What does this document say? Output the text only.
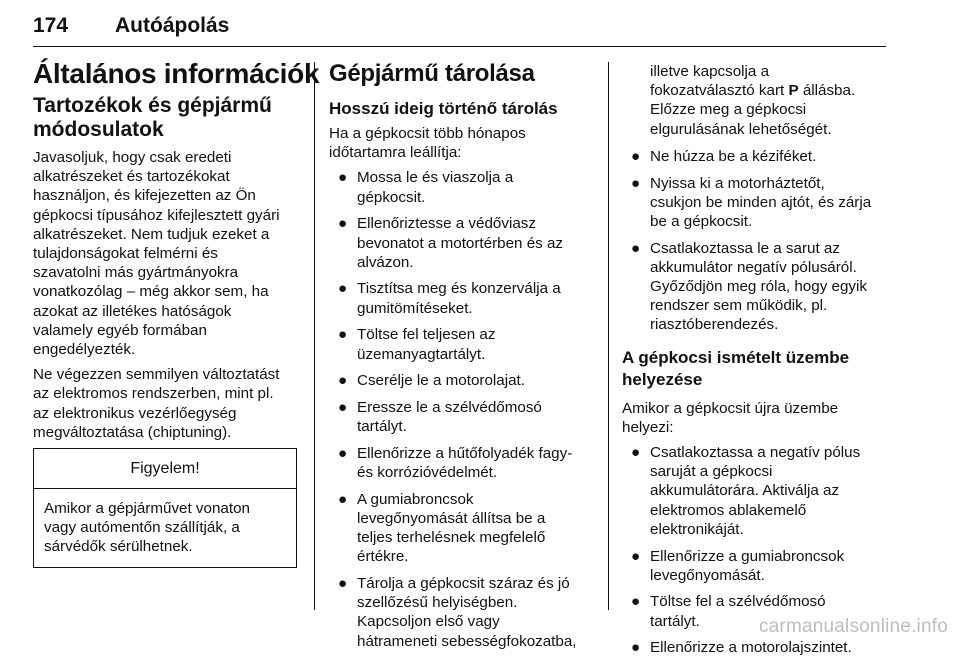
174 Autóápolás
Általános információk
Tartozékok és gépjármű
módosulatok

Javasoljuk, hogy csak eredeti
alkatrészeket és tartozékokat
használjon, és kifejezetten az Ön
gépkocsi típusához kifejlesztett gyári
alkatrészeket. Nem tudjuk ezeket a
tulajdonságokat felmérni és
szavatolni más gyártmányokra
vonatkozólag – még akkor sem, ha
azokat az illetékes hatóságok
valamely egyéb formában
engedélyezték.

Ne végezzen semmilyen változtatást
az elektromos rendszerben, mint pl.
az elektronikus vezérlőegység
megváltoztatása (chiptuning).

Figyelem!
Amikor a gépjárművet vonaton
vagy autómentőn szállítják, a
sárvédők sérülhetnek.
Gépjármű tárolása
Hosszú ideig történő tárolás

Ha a gépkocsit több hónapos
időtartamra leállítja:

● Mossa le és viaszolja a
gépkocsit.
● Ellenőriztesse a védőviasz
bevonatot a motortérben és az
alvázon.
● Tisztítsa meg és konzerválja a
gumitömítéseket.
● Töltse fel teljesen az
üzemanyagtartályt.
● Cserélje le a motorolajat.
● Eressze le a szélvédőmosó
tartályt.
● Ellenőrizze a hűtőfolyadék fagy-
és korrózióvédelmét.
● A gumiabroncsok
levegőnyomását állítsa be a
teljes terhelésnek megfelelő
értékre.
● Tárolja a gépkocsit száraz és jó
szellőzésű helyiségben.
Kapcsoljon első vagy
hátrameneti sebességfokozatba,

illetve kapcsolja a
fokozatválasztó kart P állásba.
Előzze meg a gépkocsi
elgurulásának lehetőségét.

● Ne húzza be a kéziféket.
● Nyissa ki a motorháztetőt,
csukjon be minden ajtót, és zárja
be a gépkocsit.
● Csatlakoztassa le a sarut az
akkumulátor negatív pólusáról.
Győződjön meg róla, hogy egyik
rendszer sem működik, pl.
riasztóberendezés.
A gépkocsi ismételt üzembe
helyezése

Amikor a gépkocsit újra üzembe
helyezi:

● Csatlakoztassa a negatív pólus
saruját a gépkocsi
akkumulátorára. Aktiválja az
elektromos ablakemelő
elektronikáját.
● Ellenőrizze a gumiabroncsok
levegőnyomását.
● Töltse fel a szélvédőmosó
tartályt.
● Ellenőrizze a motorolajszintet.
carmanualsonline.info
